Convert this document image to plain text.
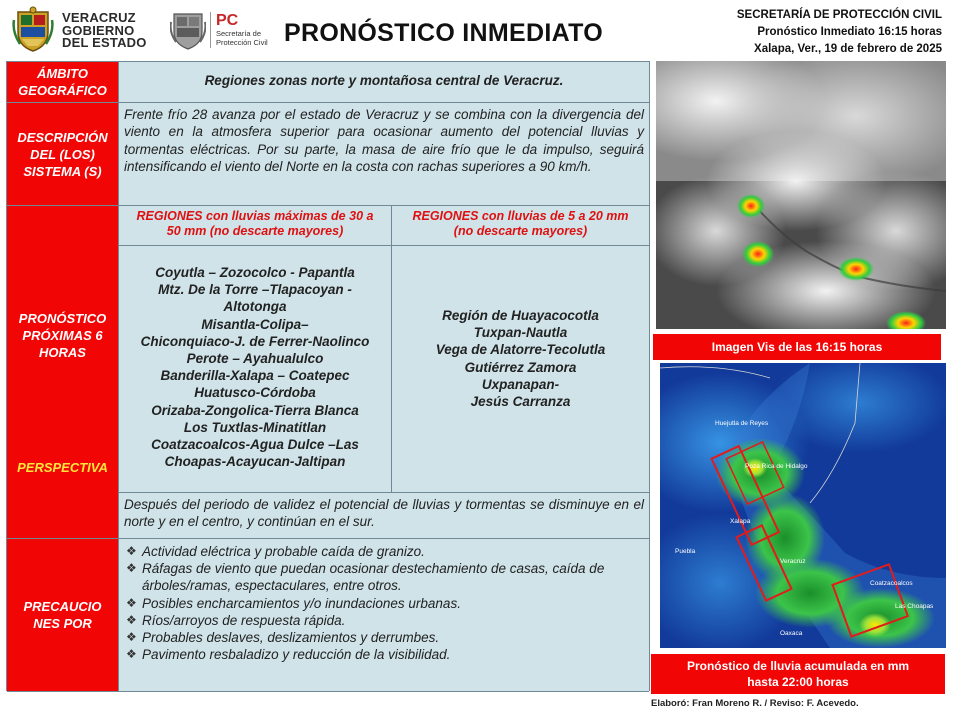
VERACRUZ
GOBIERNO
DEL ESTADO
PC
Secretaría de
Protección Civil PRONÓSTICO INMEDIATO
SECRETARÍA DE PROTECCIÓN CIVIL
Pronóstico Inmediato 16:15 horas
Xalapa, Ver., 19 de febrero de 2025
ÁMBITO
GEOGRÁFICO
Regiones zonas norte y montañosa central de Veracruz.
DESCRIPCIÓN
DEL (LOS)
SISTEMA (S)
Frente frío 28 avanza por el estado de Veracruz y se combina con la divergencia del viento en la atmosfera superior para ocasionar aumento del potencial lluvias y tormentas eléctricas. Por su parte, la masa de aire frío que le da impulso, seguirá intensificando el viento del Norte en la costa con rachas superiores a 90 km/h.
PRONÓSTICO
PRÓXIMAS 6
HORAS
PERSPECTIVA
REGIONES con lluvias máximas de 30 a
50 mm (no descarte mayores)
REGIONES con lluvias de 5 a 20 mm
(no descarte mayores)
Coyutla – Zozocolco - Papantla
Mtz. De la Torre –Tlapacoyan -
Altotonga
Misantla-Colipa–
Chiconquiaco-J. de Ferrer-Naolinco
Perote – Ayahualulco
Banderilla-Xalapa – Coatepec
Huatusco-Córdoba
Orizaba-Zongolica-Tierra Blanca
Los Tuxtlas-Minatitlan
Coatzacoalcos-Agua Dulce –Las
Choapas-Acayucan-Jaltipan
Región de Huayacocotla
Tuxpan-Nautla
Vega de Alatorre-Tecolutla
Gutiérrez Zamora
Uxpanapan-
Jesús Carranza
Después del periodo de validez el potencial de lluvias y tormentas se disminuye en el norte y en el centro, y continúan en el sur.
PRECAUCIO
NES POR
❖ Actividad eléctrica y probable caída de granizo.
❖ Ráfagas de viento que puedan ocasionar destechamiento de casas, caída de árboles/ramas, espectaculares, entre otros.
❖ Posibles encharcamientos y/o inundaciones urbanas.
❖ Ríos/arroyos de respuesta rápida.
❖ Probables deslaves, deslizamientos y derrumbes.
❖ Pavimento resbaladizo y reducción de la visibilidad.
Imagen Vis de las 16:15 horas
Huejutla de Reyes
Poza Rica de Hidalgo
Xalapa
Veracruz
Coatzacoalcos
Las Choapas
Oaxaca
Puebla
Pronóstico de lluvia acumulada en mm
hasta 22:00 horas
Elaboró: Fran Moreno R. / Reviso: F. Acevedo.
